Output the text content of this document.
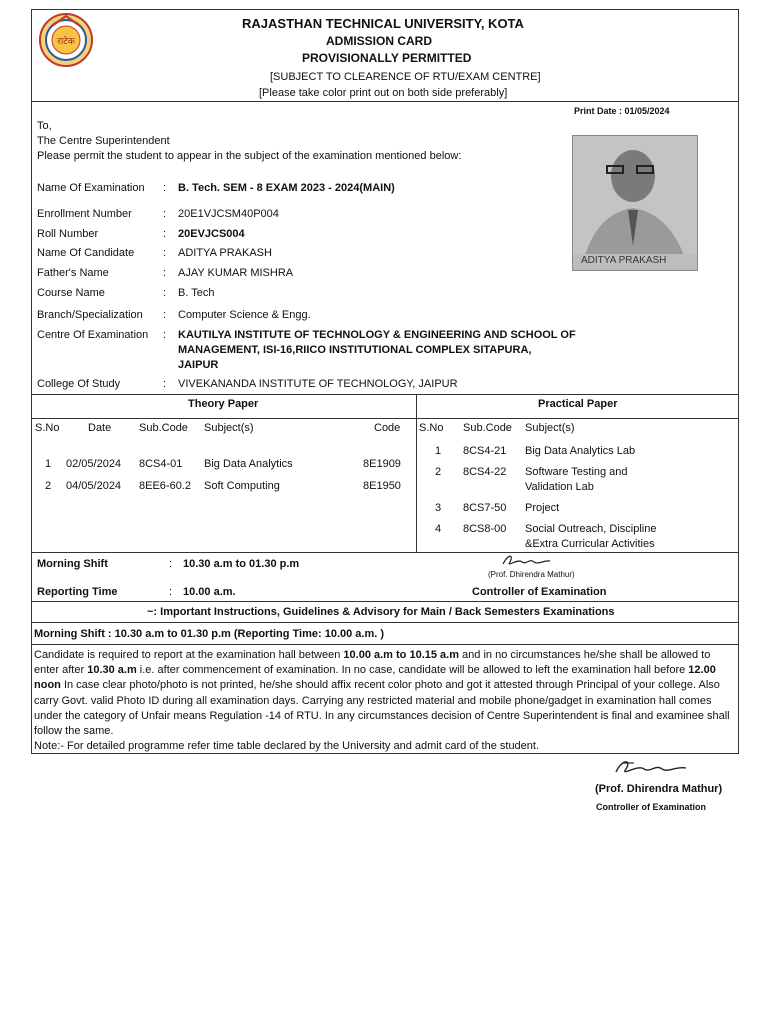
राटेक
RAJASTHAN TECHNICAL UNIVERSITY, KOTA
ADMISSION CARD
PROVISIONALLY PERMITTED
[SUBJECT TO CLEARENCE OF RTU/EXAM CENTRE]
[Please take color print out on both side preferably]
Print Date : 01/05/2024
To,
The Centre Superintendent
Please permit the student to appear in the subject of the examination mentioned below:
ADITYA PRAKASH
Name Of Examination : B. Tech. SEM - 8 EXAM 2023 - 2024(MAIN)
Enrollment Number	: 20E1VJCSM40P004
Roll Number	: 20EVJCS004
Name Of Candidate	: ADITYA PRAKASH
Father's Name	: AJAY KUMAR MISHRA
Course Name	: B. Tech
Branch/Specialization : Computer Science & Engg.
Centre Of Examination : KAUTILYA INSTITUTE OF TECHNOLOGY & ENGINEERING AND SCHOOL OF
MANAGEMENT, ISI-16,RIICO INSTITUTIONAL COMPLEX SITAPURA,
JAIPUR
College Of Study	: VIVEKANANDA INSTITUTE OF TECHNOLOGY, JAIPUR
Theory Paper	Practical Paper
S.No	Date	Sub.Code Subject(s)	Code
1 02/05/2024 8CS4-01 Big Data Analytics	8E1909
2 04/05/2024 8EE6-60.2 Soft Computing	8E1950
S.No Sub.Code Subject(s)
1 8CS4-21 Big Data Analytics Lab
2 8CS4-22 Software Testing and
Validation Lab
3 8CS7-50 Project
4 8CS8-00 Social Outreach, Discipline
&Extra Curricular Activities
Morning Shift	: 10.30 a.m to 01.30 p.m
Reporting Time	: 10.00 a.m.
(Prof. Dhirendra Mathur)
Controller of Examination
~: Important Instructions, Guidelines & Advisory for Main / Back Semesters Examinations
Morning Shift : 10.30 a.m to 01.30 p.m (Reporting Time: 10.00 a.m. )
Candidate is required to report at the examination hall between 10.00 a.m to 10.15 a.m and in no circumstances he/she shall be allowed to enter after 10.30 a.m i.e. after commencement of examination. In no case, candidate will be allowed to left the examination hall before 12.00 noon In case clear photo/photo is not printed, he/she should affix recent color photo and got it attested through Principal of your college. Also carry Govt. valid Photo ID during all examination days. Carrying any restricted material and mobile phone/gadget in examination hall comes under the category of Unfair means Regulation -14 of RTU. In any circumstances decision of Centre Superintendent is final and examinee shall follow the same.
Note:- For detailed programme refer time table declared by the University and admit card of the student.
(Prof. Dhirendra Mathur)
Controller of Examination
